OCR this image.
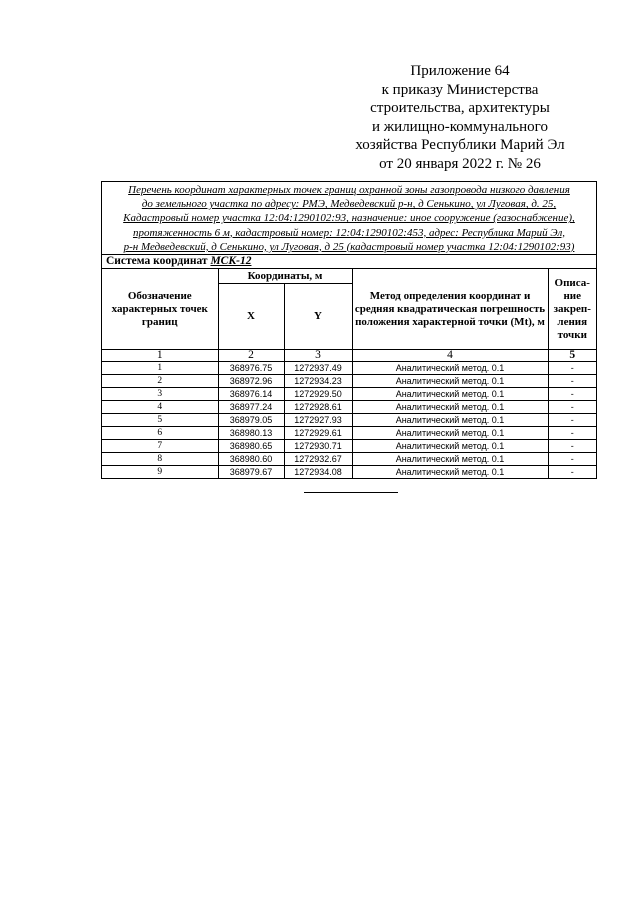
Приложение 64
к приказу Министерства
строительства, архитектуры
и жилищно-коммунального
хозяйства Республики Марий Эл
от 20 января 2022 г. № 26
Перечень координат характерных точек границ охранной зоны газопровода низкого давления
до земельного участка по адресу: РМЭ, Медведевский р-н, д Сенькино, ул Луговая, д. 25,
Кадастровый номер участка 12:04:1290102:93, назначение: иное сооружение (газоснабжение),
протяженность 6 м, кадастровый номер: 12:04:1290102:453, адрес: Республика Марий Эл,
р-н Медведевский, д Сенькино, ул Луговая, д 25 (кадастровый номер участка 12:04:1290102:93)
Система координат МСК-12
Обозначение характерных точек границ	Координаты, м		Метод определения координат и средняя квадратическая погрешность положения характерной точки (Mt), м	Описа-ние закреп-ления точки
	X	Y		
1	2	3	4	5
1	368976.75	1272937.49	Аналитический метод. 0.1	-
2	368972.96	1272934.23	Аналитический метод. 0.1	-
3	368976.14	1272929.50	Аналитический метод. 0.1	-
4	368977.24	1272928.61	Аналитический метод. 0.1	-
5	368979.05	1272927.93	Аналитический метод. 0.1	-
6	368980.13	1272929.61	Аналитический метод. 0.1	-
7	368980.65	1272930.71	Аналитический метод. 0.1	-
8	368980.60	1272932.67	Аналитический метод. 0.1	-
9	368979.67	1272934.08	Аналитический метод. 0.1	-
